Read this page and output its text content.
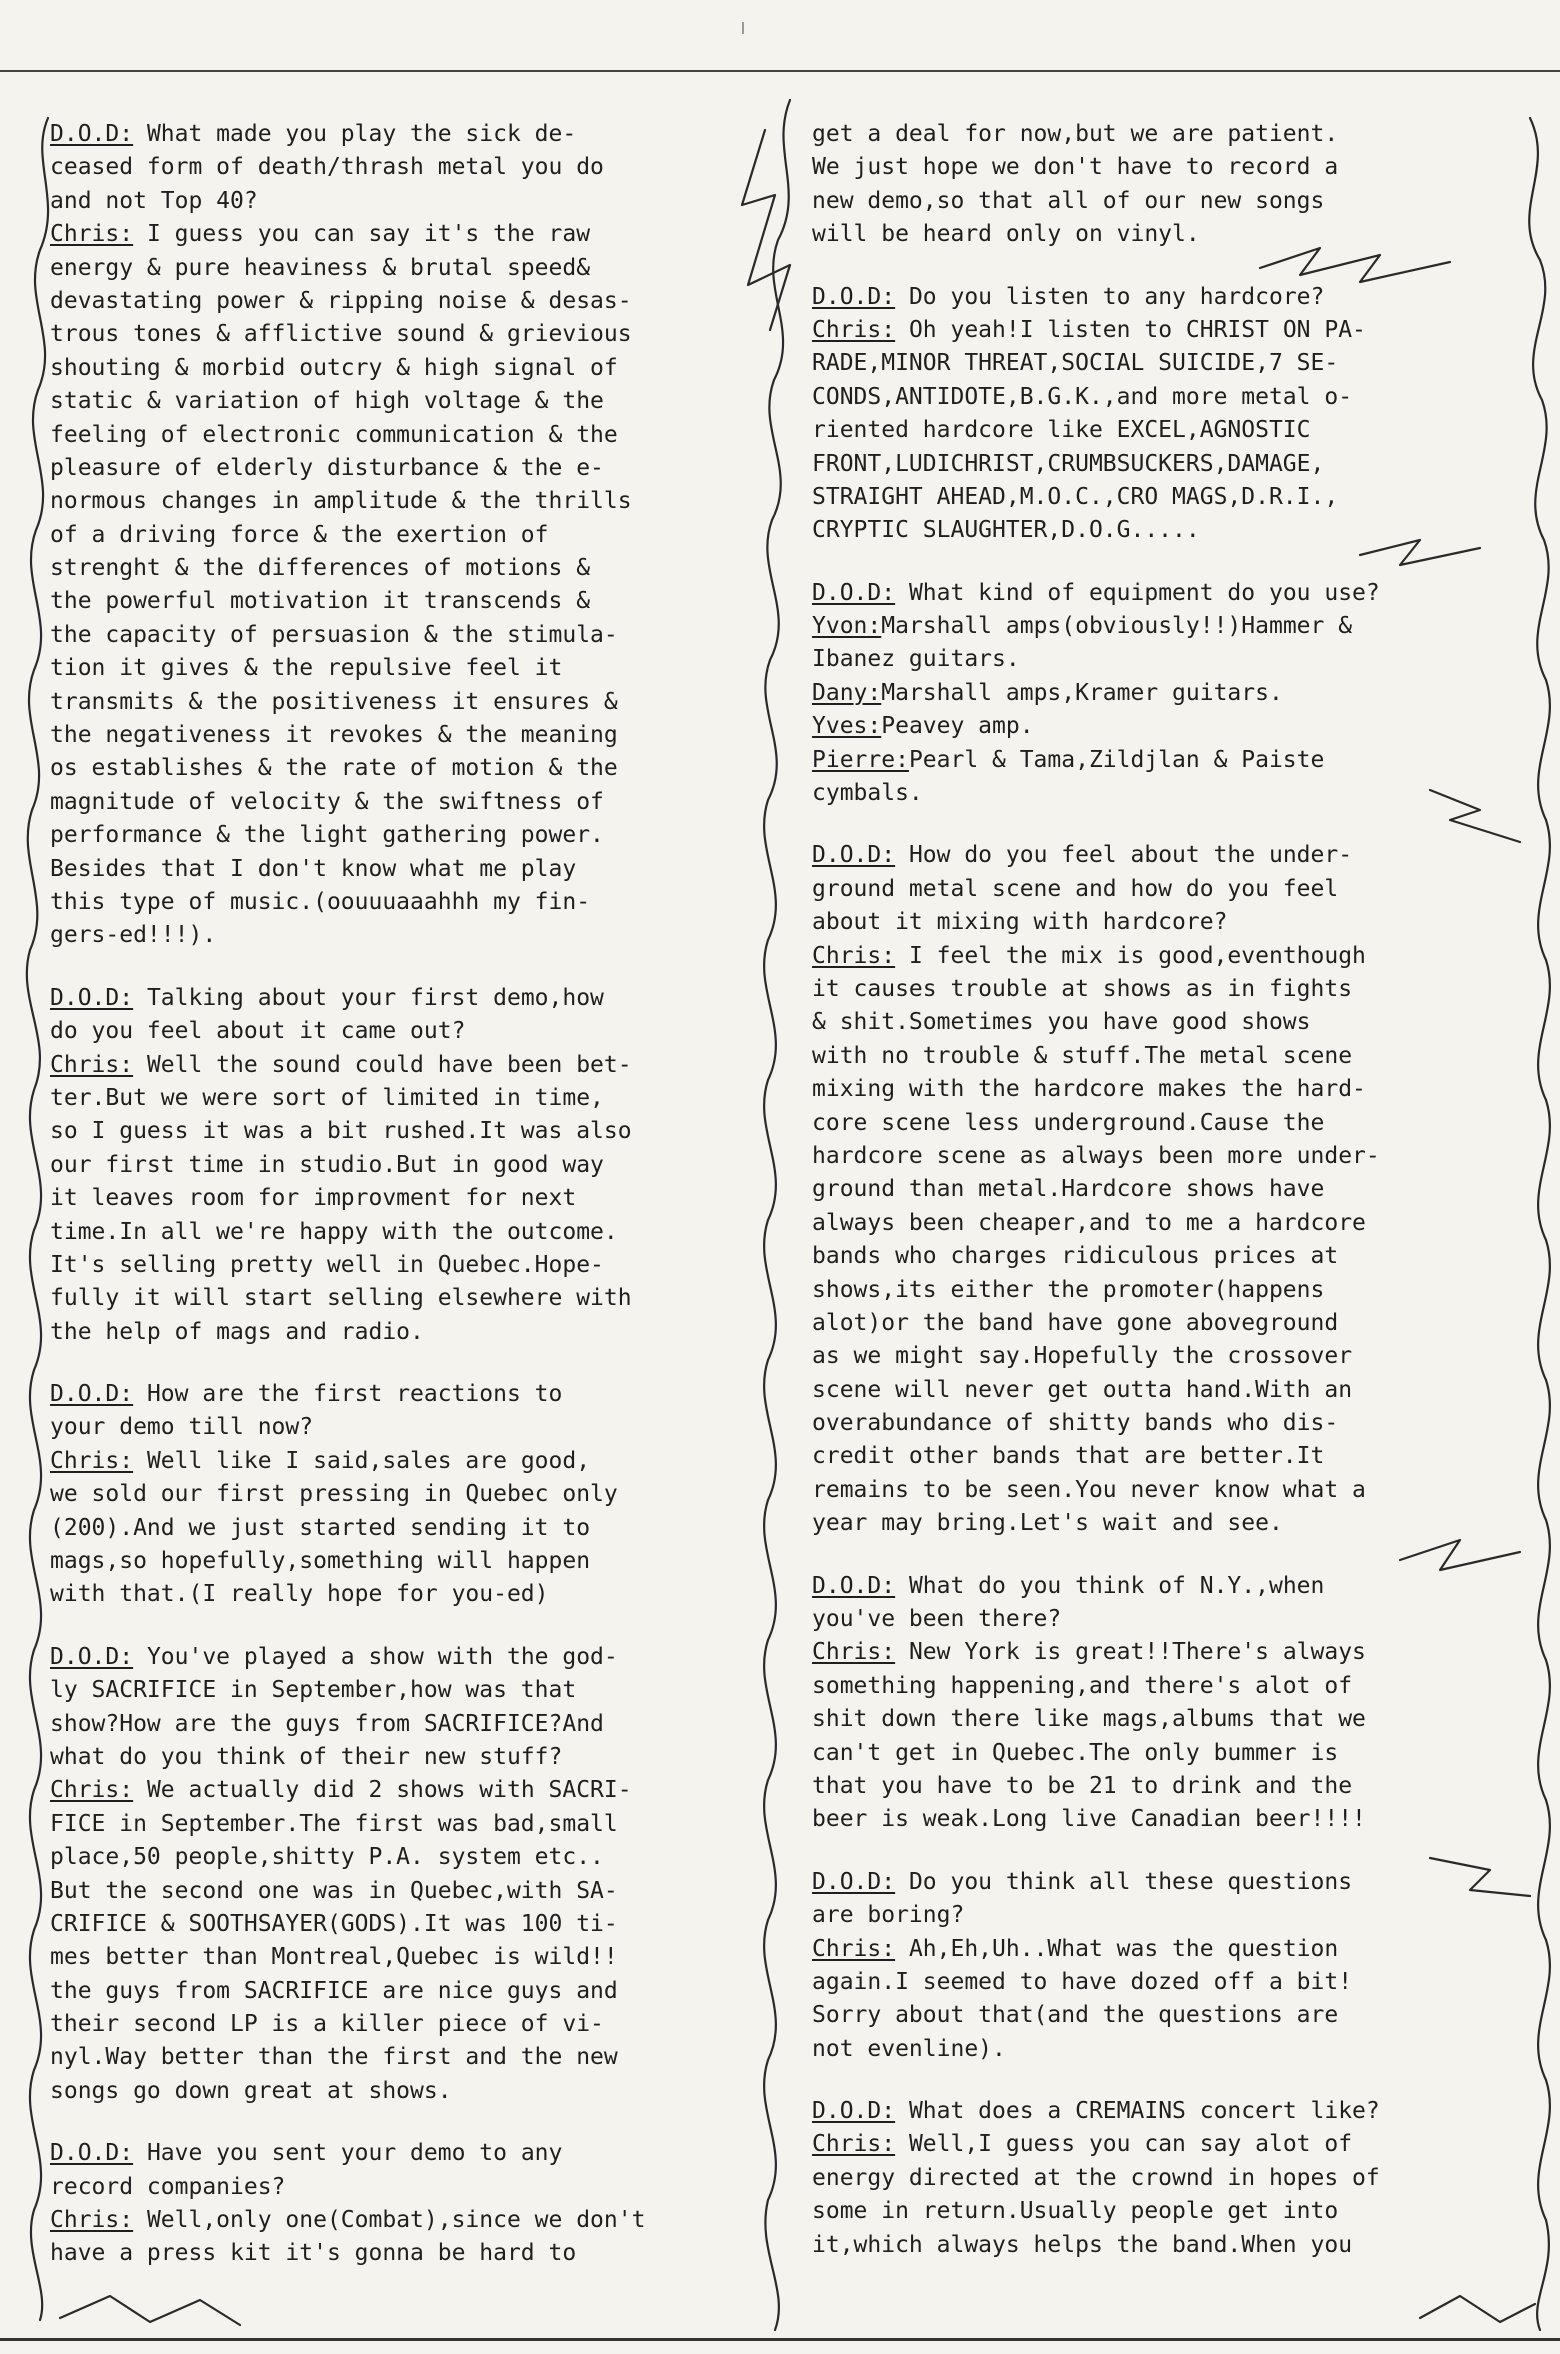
D.O.D: What made you play the sick de-
ceased form of death/thrash metal you do
and not Top 40?
Chris: I guess you can say it's the raw
energy & pure heaviness & brutal speed&
devastating power & ripping noise & desas-
trous tones & afflictive sound & grievious
shouting & morbid outcry & high signal of
static & variation of high voltage & the
feeling of electronic communication & the
pleasure of elderly disturbance & the e-
normous changes in amplitude & the thrills
of a driving force & the exertion of
strenght & the differences of motions &
the powerful motivation it transcends &
the capacity of persuasion & the stimula-
tion it gives & the repulsive feel it
transmits & the positiveness it ensures &
the negativeness it revokes & the meaning
os establishes & the rate of motion & the
magnitude of velocity & the swiftness of
performance & the light gathering power.
Besides that I don't know what me play
this type of music.(oouuuaaahhh my fin-
gers-ed!!!).
D.O.D: Talking about your first demo,how
do you feel about it came out?
Chris: Well the sound could have been bet-
ter.But we were sort of limited in time,
so I guess it was a bit rushed.It was also
our first time in studio.But in good way
it leaves room for improvment for next
time.In all we're happy with the outcome.
It's selling pretty well in Quebec.Hope-
fully it will start selling elsewhere with
the help of mags and radio.
D.O.D: How are the first reactions to
your demo till now?
Chris: Well like I said,sales are good,
we sold our first pressing in Quebec only
(200).And we just started sending it to
mags,so hopefully,something will happen
with that.(I really hope for you-ed)
D.O.D: You've played a show with the god-
ly SACRIFICE in September,how was that
show?How are the guys from SACRIFICE?And
what do you think of their new stuff?
Chris: We actually did 2 shows with SACRI-
FICE in September.The first was bad,small
place,50 people,shitty P.A. system etc..
But the second one was in Quebec,with SA-
CRIFICE & SOOTHSAYER(GODS).It was 100 ti-
mes better than Montreal,Quebec is wild!!
the guys from SACRIFICE are nice guys and
their second LP is a killer piece of vi-
nyl.Way better than the first and the new
songs go down great at shows.
D.O.D: Have you sent your demo to any
record companies?
Chris: Well,only one(Combat),since we don't
have a press kit it's gonna be hard to
get a deal for now,but we are patient.
We just hope we don't have to record a
new demo,so that all of our new songs
will be heard only on vinyl.
D.O.D: Do you listen to any hardcore?
Chris: Oh yeah!I listen to CHRIST ON PA-
RADE,MINOR THREAT,SOCIAL SUICIDE,7 SE-
CONDS,ANTIDOTE,B.G.K.,and more metal o-
riented hardcore like EXCEL,AGNOSTIC
FRONT,LUDICHRIST,CRUMBSUCKERS,DAMAGE,
STRAIGHT AHEAD,M.O.C.,CRO MAGS,D.R.I.,
CRYPTIC SLAUGHTER,D.O.G.....
D.O.D: What kind of equipment do you use?
Yvon:Marshall amps(obviously!!)Hammer &
Ibanez guitars.
Dany:Marshall amps,Kramer guitars.
Yves:Peavey amp.
Pierre:Pearl & Tama,Zildjlan & Paiste
cymbals.
D.O.D: How do you feel about the under-
ground metal scene and how do you feel
about it mixing with hardcore?
Chris: I feel the mix is good,eventhough
it causes trouble at shows as in fights
& shit.Sometimes you have good shows
with no trouble & stuff.The metal scene
mixing with the hardcore makes the hard-
core scene less underground.Cause the
hardcore scene as always been more under-
ground than metal.Hardcore shows have
always been cheaper,and to me a hardcore
bands who charges ridiculous prices at
shows,its either the promoter(happens
alot)or the band have gone aboveground
as we might say.Hopefully the crossover
scene will never get outta hand.With an
overabundance of shitty bands who dis-
credit other bands that are better.It
remains to be seen.You never know what a
year may bring.Let's wait and see.
D.O.D: What do you think of N.Y.,when
you've been there?
Chris: New York is great!!There's always
something happening,and there's alot of
shit down there like mags,albums that we
can't get in Quebec.The only bummer is
that you have to be 21 to drink and the
beer is weak.Long live Canadian beer!!!!
D.O.D: Do you think all these questions
are boring?
Chris: Ah,Eh,Uh..What was the question
again.I seemed to have dozed off a bit!
Sorry about that(and the questions are
not evenline).
D.O.D: What does a CREMAINS concert like?
Chris: Well,I guess you can say alot of
energy directed at the crownd in hopes of
some in return.Usually people get into
it,which always helps the band.When you
